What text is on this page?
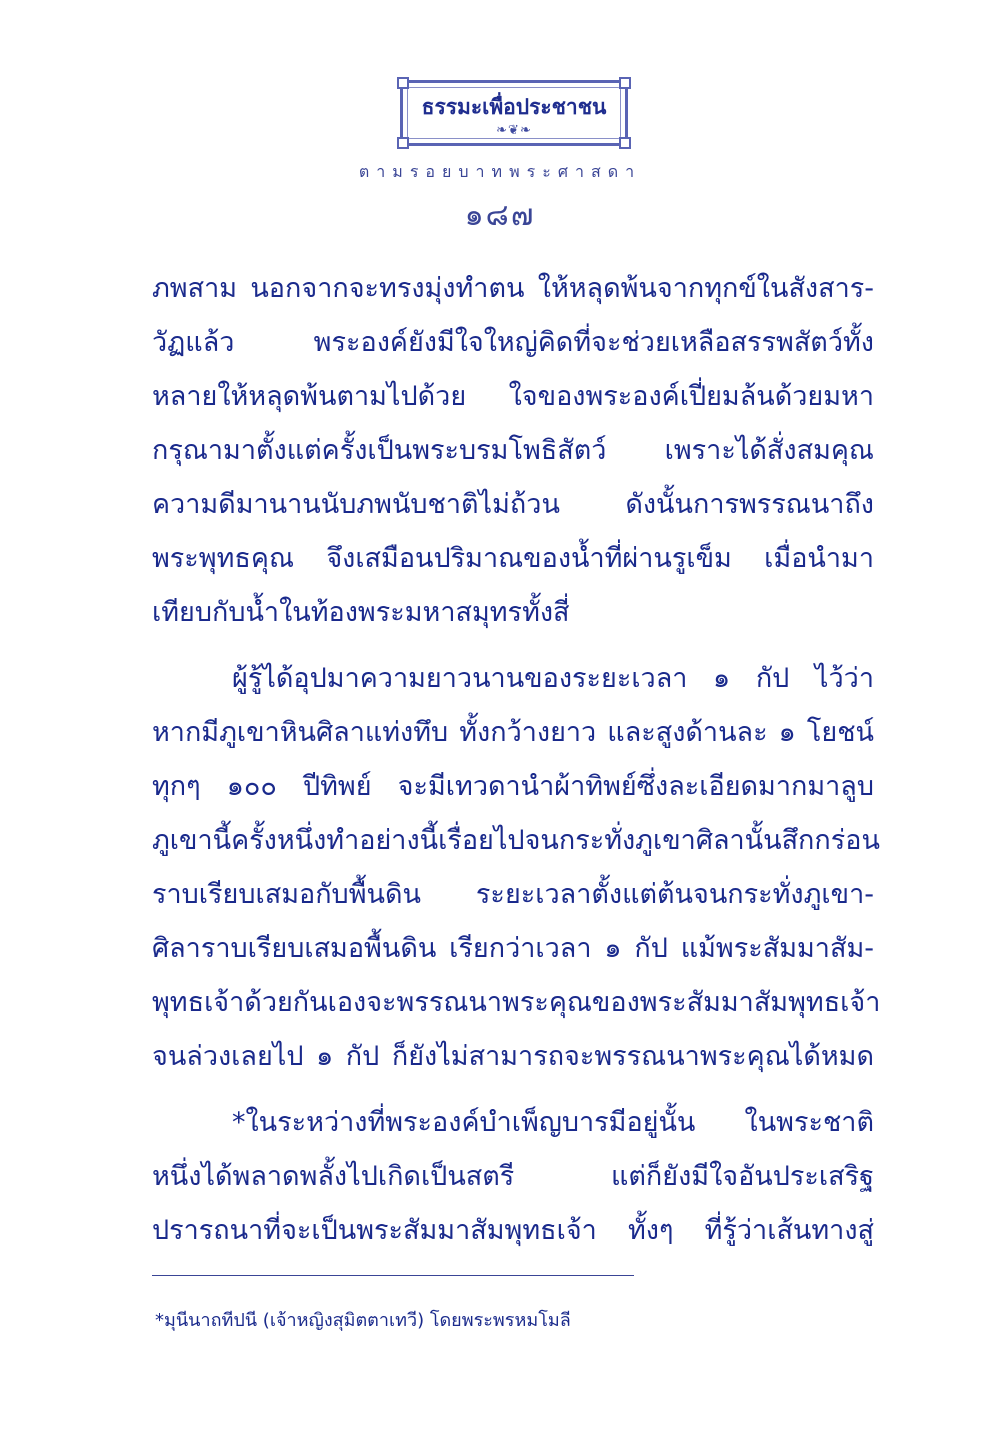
ธรรมะเพื่อประชาชน
❧❦❧
ตามรอยบาทพระศาสดา
๑๘๗
ภพสาม นอกจากจะทรงมุ่งทำตน ให้หลุดพ้นจากทุกข์ในสังสาร-
วัฏแล้ว พระองค์ยังมีใจใหญ่คิดที่จะช่วยเหลือสรรพสัตว์ทั้ง
หลายให้หลุดพ้นตามไปด้วย ใจของพระองค์เปี่ยมล้นด้วยมหา
กรุณามาตั้งแต่ครั้งเป็นพระบรมโพธิสัตว์ เพราะได้สั่งสมคุณ
ความดีมานานนับภพนับชาติไม่ถ้วน ดังนั้นการพรรณนาถึง
พระพุทธคุณ จึงเสมือนปริมาณของน้ำที่ผ่านรูเข็ม เมื่อนำมา
เทียบกับน้ำในท้องพระมหาสมุทรทั้งสี่
ผู้รู้ได้อุปมาความยาวนานของระยะเวลา ๑ กัป ไว้ว่า
หากมีภูเขาหินศิลาแท่งทึบ ทั้งกว้างยาว และสูงด้านละ ๑ โยชน์
ทุกๆ ๑๐๐ ปีทิพย์ จะมีเทวดานำผ้าทิพย์ซึ่งละเอียดมากมาลูบ
ภูเขานี้ครั้งหนึ่งทำอย่างนี้เรื่อยไปจนกระทั่งภูเขาศิลานั้นสึกกร่อน
ราบเรียบเสมอกับพื้นดิน ระยะเวลาตั้งแต่ต้นจนกระทั่งภูเขา-
ศิลาราบเรียบเสมอพื้นดิน เรียกว่าเวลา ๑ กัป แม้พระสัมมาสัม-
พุทธเจ้าด้วยกันเองจะพรรณนาพระคุณของพระสัมมาสัมพุทธเจ้า
จนล่วงเลยไป ๑ กัป ก็ยังไม่สามารถจะพรรณนาพระคุณได้หมด
*ในระหว่างที่พระองค์บำเพ็ญบารมีอยู่นั้น ในพระชาติ
หนึ่งได้พลาดพลั้งไปเกิดเป็นสตรี แต่ก็ยังมีใจอันประเสริฐ
ปรารถนาที่จะเป็นพระสัมมาสัมพุทธเจ้า ทั้งๆ ที่รู้ว่าเส้นทางสู่
*มุนีนาถทีปนี (เจ้าหญิงสุมิตตาเทวี) โดยพระพรหมโมลี
